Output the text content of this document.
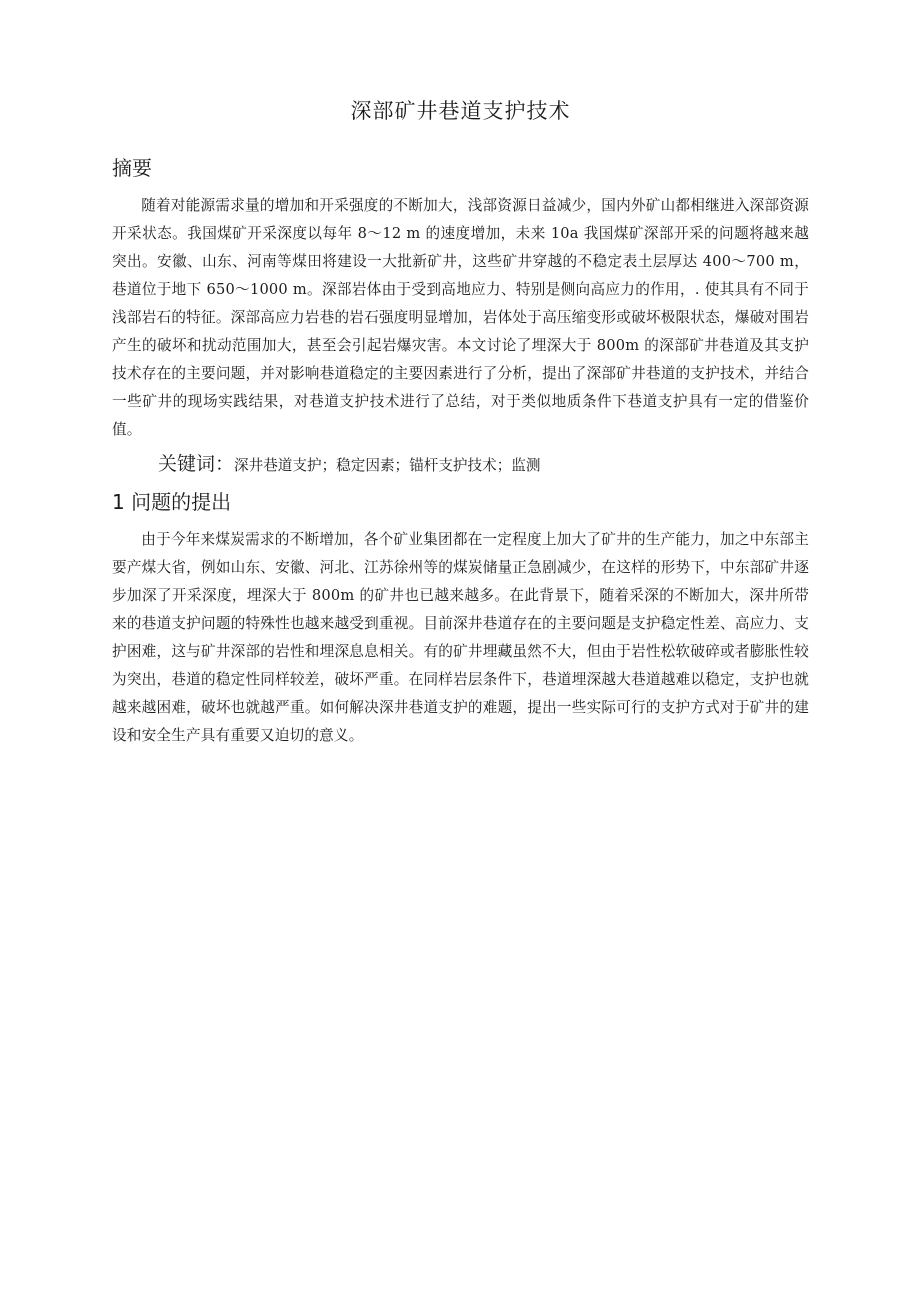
深部矿井巷道支护技术
摘要

随着对能源需求量的增加和开采强度的不断加大，浅部资源日益减少，国内外矿山都相继进入深部资源开采状态。我国煤矿开采深度以每年 8～12 m 的速度增加，未来 10a 我国煤矿深部开采的问题将越来越突出。安徽、山东、河南等煤田将建设一大批新矿井，这些矿井穿越的不稳定表土层厚达 400～700 m，巷道位于地下 650～1000 m。深部岩体由于受到高地应力、特别是侧向高应力的作用，. 使其具有不同于浅部岩石的特征。深部高应力岩巷的岩石强度明显增加，岩体处于高压缩变形或破坏极限状态，爆破对围岩产生的破坏和扰动范围加大，甚至会引起岩爆灾害。本文讨论了埋深大于 800m 的深部矿井巷道及其支护技术存在的主要问题，并对影响巷道稳定的主要因素进行了分析，提出了深部矿井巷道的支护技术，并结合一些矿井的现场实践结果，对巷道支护技术进行了总结，对于类似地质条件下巷道支护具有一定的借鉴价值。

关键词：深井巷道支护；稳定因素；锚杆支护技术；监测
1 问题的提出

由于今年来煤炭需求的不断增加，各个矿业集团都在一定程度上加大了矿井的生产能力，加之中东部主要产煤大省，例如山东、安徽、河北、江苏徐州等的煤炭储量正急剧减少，在这样的形势下，中东部矿井逐步加深了开采深度，埋深大于 800m 的矿井也已越来越多。在此背景下，随着采深的不断加大，深井所带来的巷道支护问题的特殊性也越来越受到重视。目前深井巷道存在的主要问题是支护稳定性差、高应力、支护困难，这与矿井深部的岩性和埋深息息相关。有的矿井埋藏虽然不大，但由于岩性松软破碎或者膨胀性较为突出，巷道的稳定性同样较差，破坏严重。在同样岩层条件下，巷道埋深越大巷道越难以稳定，支护也就越来越困难，破坏也就越严重。如何解决深井巷道支护的难题，提出一些实际可行的支护方式对于矿井的建设和安全生产具有重要又迫切的意义。
